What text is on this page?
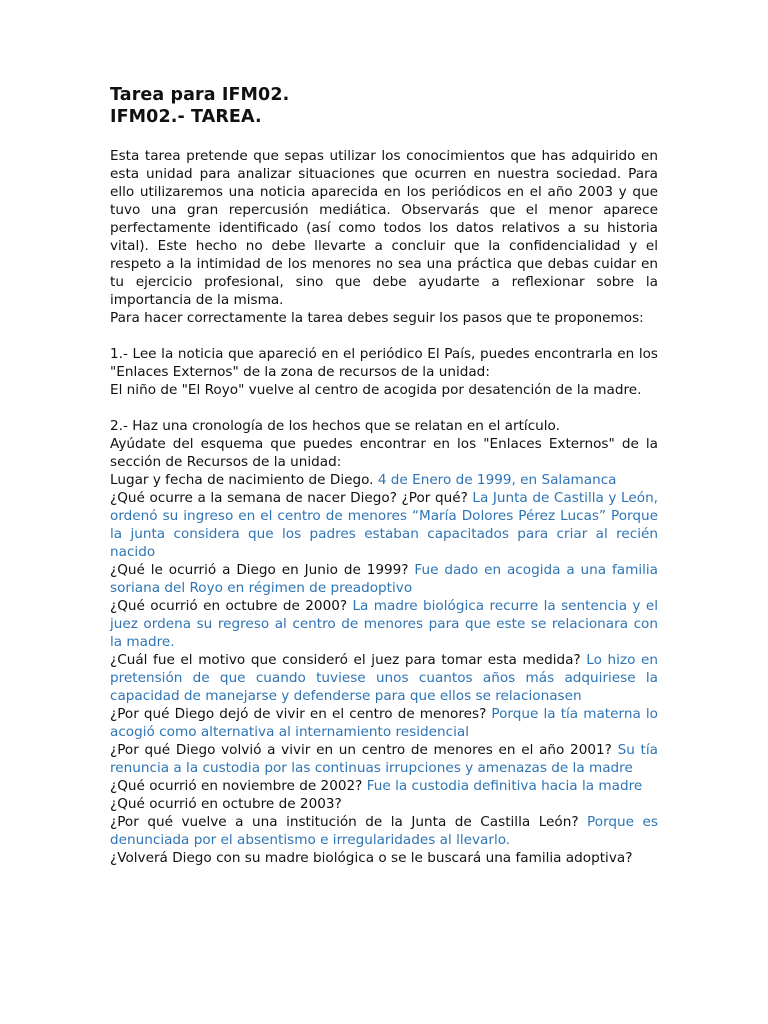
Tarea para IFM02.
IFM02.- TAREA.

Esta tarea pretende que sepas utilizar los conocimientos que has adquirido en esta unidad para analizar situaciones que ocurren en nuestra sociedad. Para ello utilizaremos una noticia aparecida en los periódicos en el año 2003 y que tuvo una gran repercusión mediática. Observarás que el menor aparece perfectamente identificado (así como todos los datos relativos a su historia vital). Este hecho no debe llevarte a concluir que la confidencialidad y el respeto a la intimidad de los menores no sea una práctica que debas cuidar en tu ejercicio profesional, sino que debe ayudarte a reflexionar sobre la importancia de la misma.

Para hacer correctamente la tarea debes seguir los pasos que te proponemos:

1.- Lee la noticia que apareció en el periódico El País, puedes encontrarla en los "Enlaces Externos" de la zona de recursos de la unidad:

El niño de "El Royo" vuelve al centro de acogida por desatención de la madre.

2.- Haz una cronología de los hechos que se relatan en el artículo.

Ayúdate del esquema que puedes encontrar en los "Enlaces Externos" de la sección de Recursos de la unidad:

Lugar y fecha de nacimiento de Diego. 4 de Enero de 1999, en Salamanca

¿Qué ocurre a la semana de nacer Diego? ¿Por qué? La Junta de Castilla y León, ordenó su ingreso en el centro de menores “María Dolores Pérez Lucas” Porque la junta considera que los padres estaban capacitados para criar al recién nacido

¿Qué le ocurrió a Diego en Junio de 1999? Fue dado en acogida a una familia soriana del Royo en régimen de preadoptivo

¿Qué ocurrió en octubre de 2000? La madre biológica recurre la sentencia y el juez ordena su regreso al centro de menores para que este se relacionara con la madre.

¿Cuál fue el motivo que consideró el juez para tomar esta medida? Lo hizo en pretensión de que cuando tuviese unos cuantos años más adquiriese la capacidad de manejarse y defenderse para que ellos se relacionasen

¿Por qué Diego dejó de vivir en el centro de menores? Porque la tía materna lo acogió como alternativa al internamiento residencial

¿Por qué Diego volvió a vivir en un centro de menores en el año 2001? Su tía renuncia a la custodia por las continuas irrupciones y amenazas de la madre

¿Qué ocurrió en noviembre de 2002? Fue la custodia definitiva hacia la madre

¿Qué ocurrió en octubre de 2003?

¿Por qué vuelve a una institución de la Junta de Castilla León? Porque es denunciada por el absentismo e irregularidades al llevarlo.

¿Volverá Diego con su madre biológica o se le buscará una familia adoptiva?
